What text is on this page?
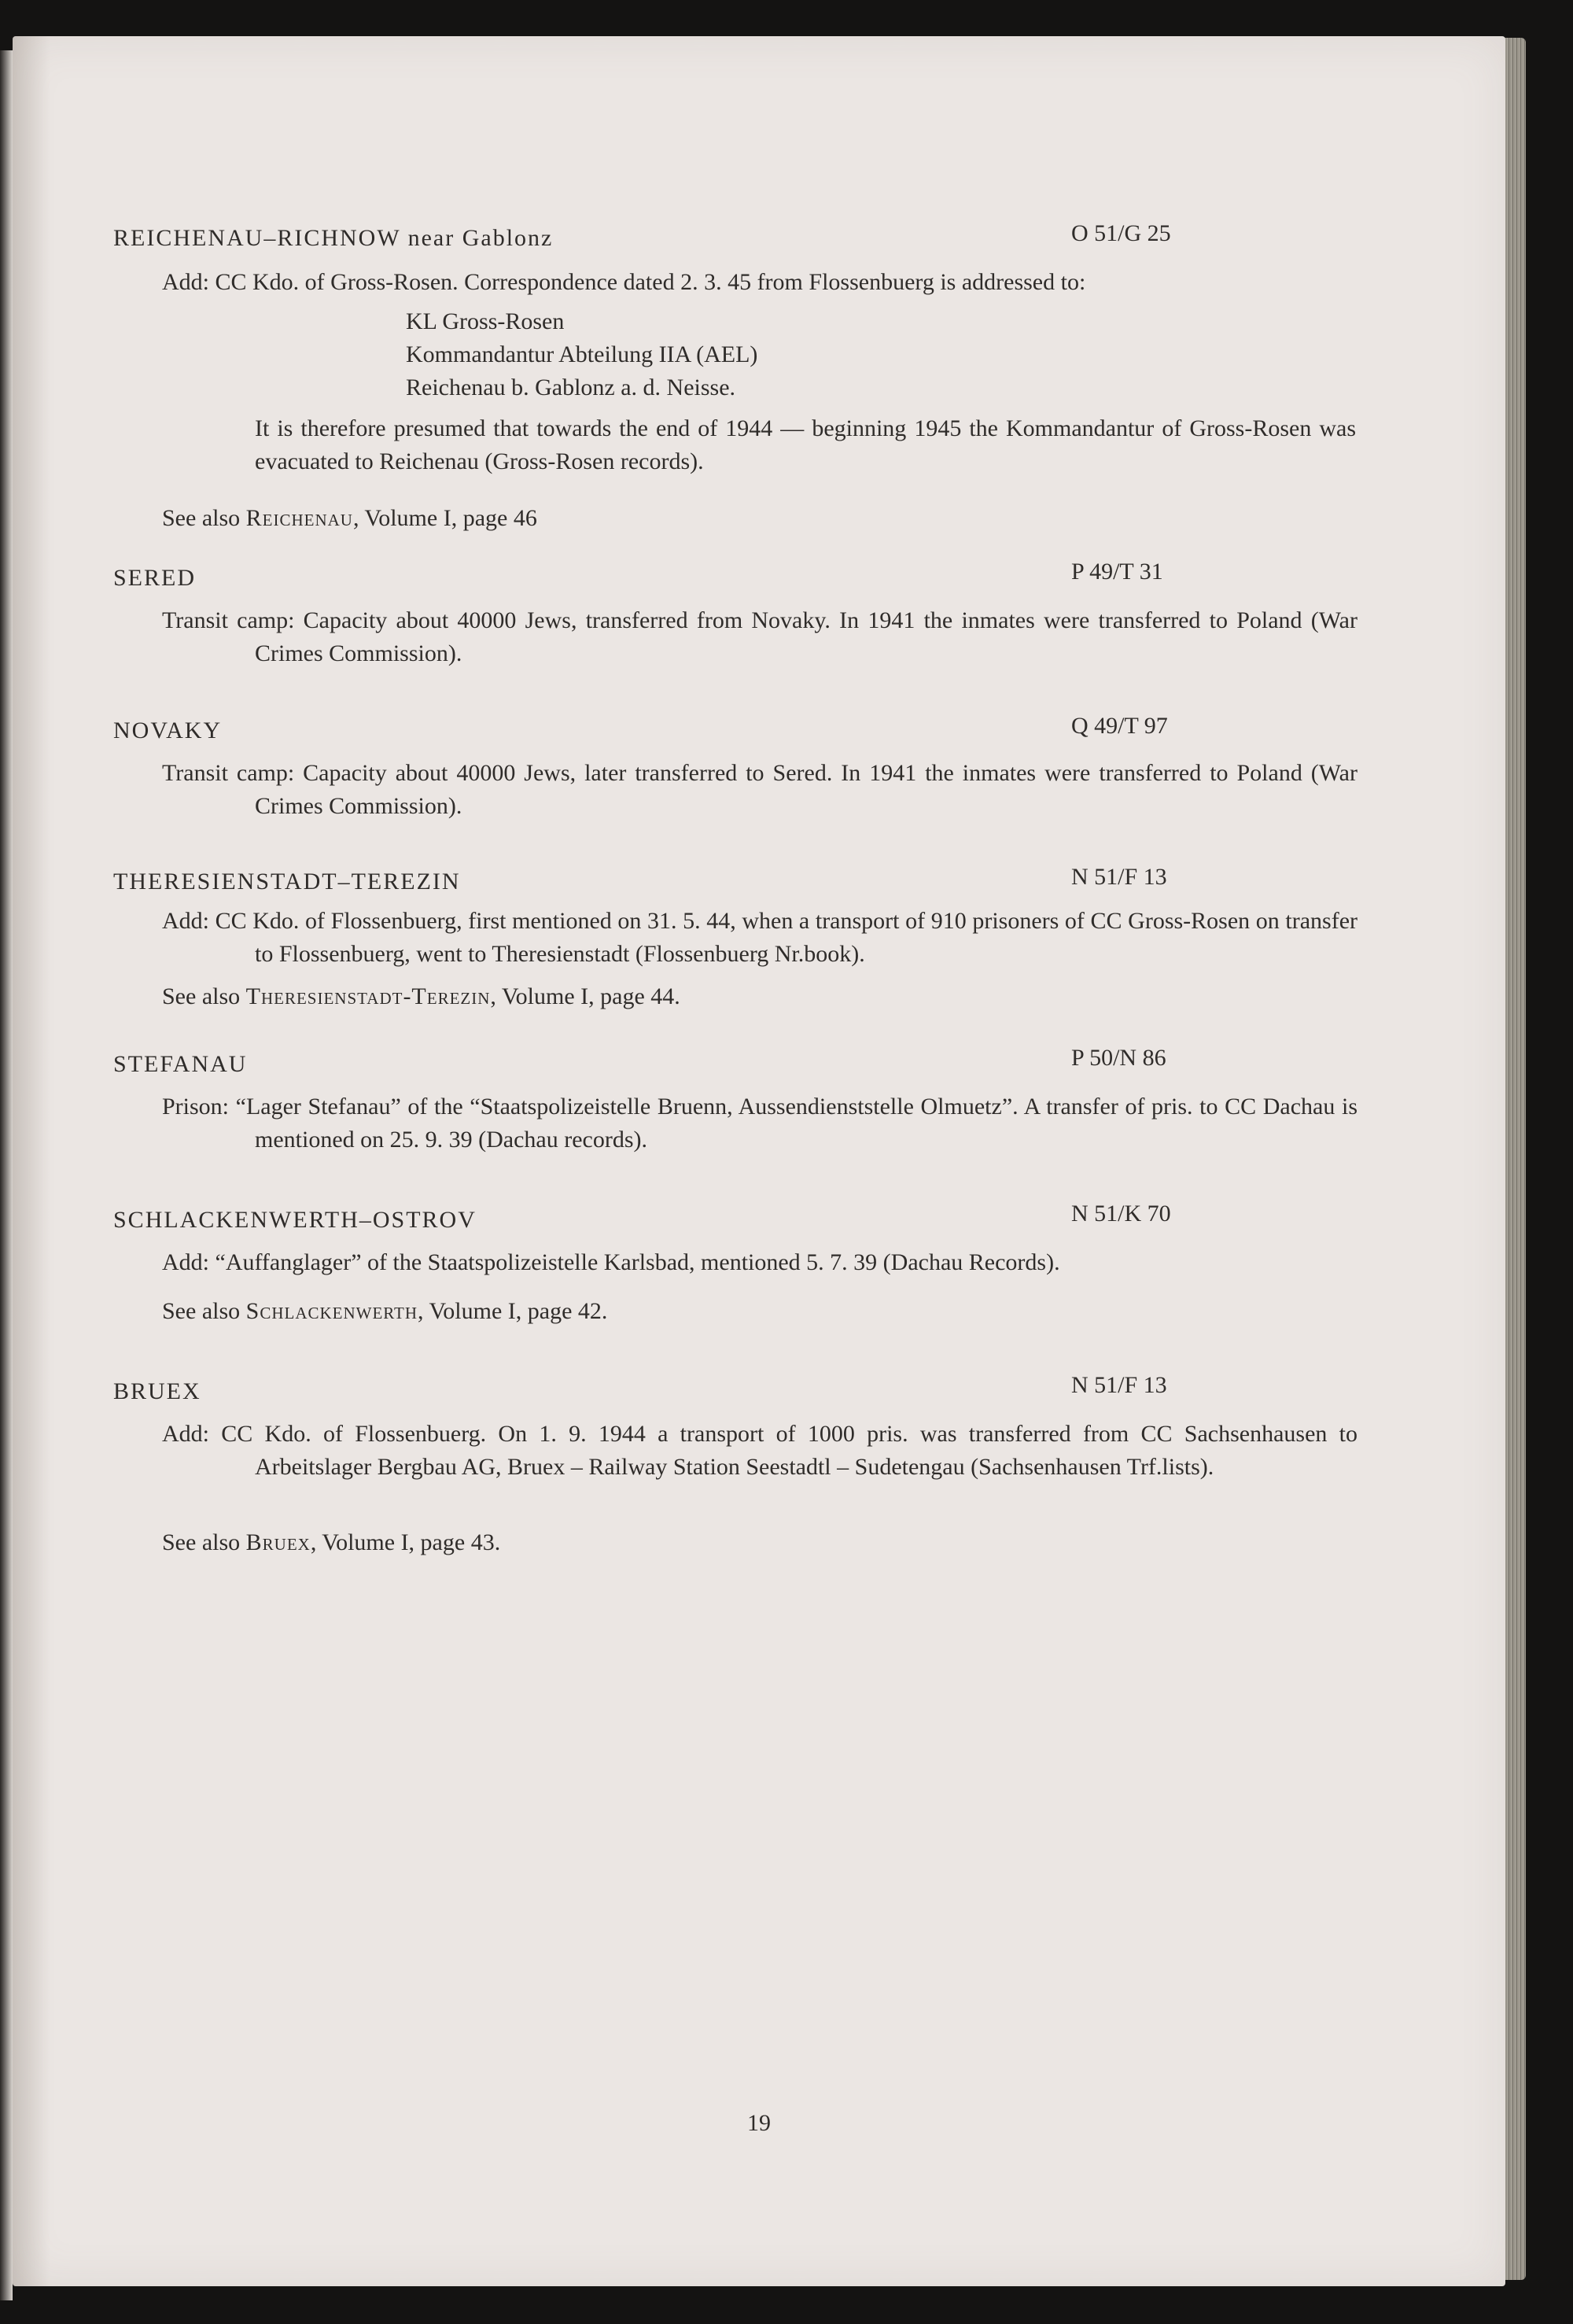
REICHENAU–RICHNOW near Gablonz	O 51/G 25
Add: CC Kdo. of Gross-Rosen. Correspondence dated 2. 3. 45 from Flossenbuerg is addressed to:
KL Gross-Rosen
Kommandantur Abteilung IIA (AEL)
Reichenau b. Gablonz a. d. Neisse.
It is therefore presumed that towards the end of 1944 — beginning 1945 the Kommandantur of Gross-Rosen was evacuated to Reichenau (Gross-Rosen records).
See also Reichenau, Volume I, page 46
SERED	P 49/T 31
Transit camp: Capacity about 40000 Jews, transferred from Novaky. In 1941 the inmates were transferred to Poland (War Crimes Commission).
NOVAKY	Q 49/T 97
Transit camp: Capacity about 40000 Jews, later transferred to Sered. In 1941 the inmates were transferred to Poland (War Crimes Commission).
THERESIENSTADT–TEREZIN	N 51/F 13
Add: CC Kdo. of Flossenbuerg, first mentioned on 31. 5. 44, when a transport of 910 prisoners of CC Gross-Rosen on transfer to Flossenbuerg, went to Theresienstadt (Flossenbuerg Nr.book).
See also Theresienstadt-Terezin, Volume I, page 44.
STEFANAU	P 50/N 86
Prison: “Lager Stefanau” of the “Staatspolizeistelle Bruenn, Aussendienststelle Olmuetz”. A transfer of pris. to CC Dachau is mentioned on 25. 9. 39 (Dachau records).
SCHLACKENWERTH–OSTROV	N 51/K 70
Add: “Auffanglager” of the Staatspolizeistelle Karlsbad, mentioned 5. 7. 39 (Dachau Records).
See also Schlackenwerth, Volume I, page 42.
BRUEX	N 51/F 13
Add: CC Kdo. of Flossenbuerg. On 1. 9. 1944 a transport of 1000 pris. was transferred from CC Sachsenhausen to Arbeitslager Bergbau AG, Bruex – Railway Station Seestadtl – Sudetengau (Sachsenhausen Trf.lists).
See also Bruex, Volume I, page 43.
19
